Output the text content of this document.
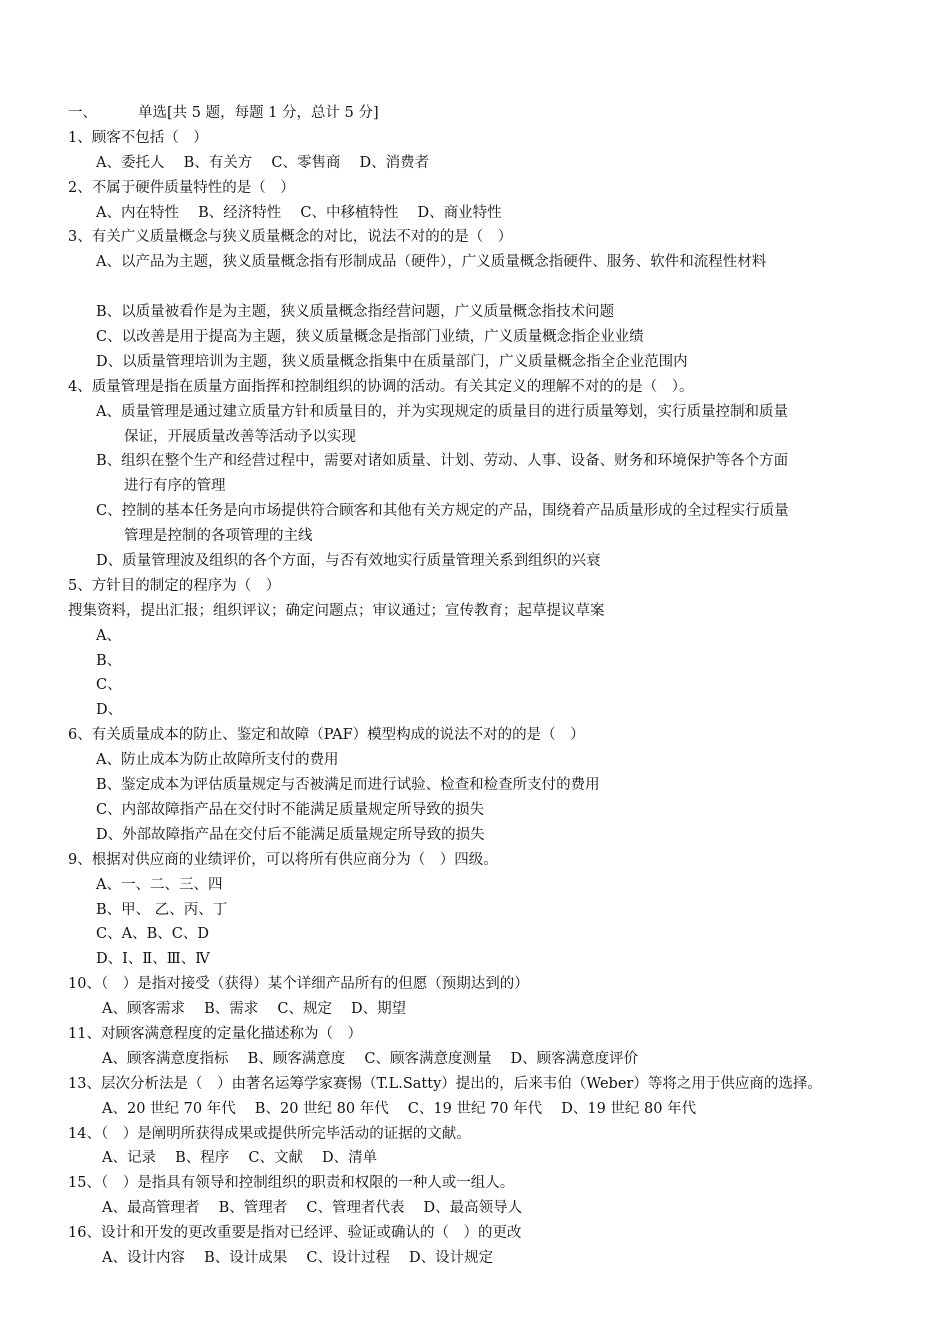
一、	单选[共 5 题，每题 1 分，总计 5 分]
1、顾客不包括（　）
A、委托人　 B、有关方　 C、零售商　 D、消费者
2、不属于硬件质量特性的是（　）
A、内在特性　 B、经济特性　 C、中移植特性　 D、商业特性
3、有关广义质量概念与狭义质量概念的对比，说法不对的的是（　）
A、以产品为主题，狭义质量概念指有形制成品（硬件），广义质量概念指硬件、服务、软件和流程性材料
B、以质量被看作是为主题，狭义质量概念指经营问题，广义质量概念指技术问题
C、以改善是用于提高为主题，狭义质量概念是指部门业绩，广义质量概念指企业业绩
D、以质量管理培训为主题，狭义质量概念指集中在质量部门，广义质量概念指全企业范围内
4、质量管理是指在质量方面指挥和控制组织的协调的活动。有关其定义的理解不对的的是（　）。
A、质量管理是通过建立质量方针和质量目的，并为实现规定的质量目的进行质量筹划，实行质量控制和质量
保证，开展质量改善等活动予以实现
B、组织在整个生产和经营过程中，需要对诸如质量、计划、劳动、人事、设备、财务和环境保护等各个方面
进行有序的管理
C、控制的基本任务是向市场提供符合顾客和其他有关方规定的产品，围绕着产品质量形成的全过程实行质量
管理是控制的各项管理的主线
D、质量管理波及组织的各个方面，与否有效地实行质量管理关系到组织的兴衰
5、方针目的制定的程序为（　）
搜集资料，提出汇报；组织评议；确定问题点；审议通过；宣传教育；起草提议草案
A、
B、
C、
D、
6、有关质量成本的防止、鉴定和故障（PAF）模型构成的说法不对的的是（　）
A、防止成本为防止故障所支付的费用
B、鉴定成本为评估质量规定与否被满足而进行试验、检查和检查所支付的费用
C、内部故障指产品在交付时不能满足质量规定所导致的损失
D、外部故障指产品在交付后不能满足质量规定所导致的损失
9、根据对供应商的业绩评价，可以将所有供应商分为（　）四级。
A、一、二、三、四
B、甲、 乙、丙、丁
C、A、B、C、D
D、Ⅰ、Ⅱ、Ⅲ、Ⅳ
10、（　）是指对接受（获得）某个详细产品所有的但愿（预期达到的）
A、顾客需求　 B、需求　 C、规定　 D、期望
11、对顾客满意程度的定量化描述称为（　）
A、顾客满意度指标　 B、顾客满意度　 C、顾客满意度测量　 D、顾客满意度评价
13、层次分析法是（　）由著名运筹学家赛惕（T.L.Satty）提出的，后来韦伯（Weber）等将之用于供应商的选择。
A、20 世纪 70 年代　 B、20 世纪 80 年代　 C、19 世纪 70 年代　 D、19 世纪 80 年代
14、（　）是阐明所获得成果或提供所完毕活动的证据的文献。
A、记录　 B、程序　 C、文献　 D、清单
15、（　）是指具有领导和控制组织的职责和权限的一种人或一组人。
A、最高管理者　 B、管理者　 C、管理者代表　 D、最高领导人
16、设计和开发的更改重要是指对已经评、验证或确认的（　）的更改
A、设计内容　 B、设计成果　 C、设计过程　 D、设计规定
